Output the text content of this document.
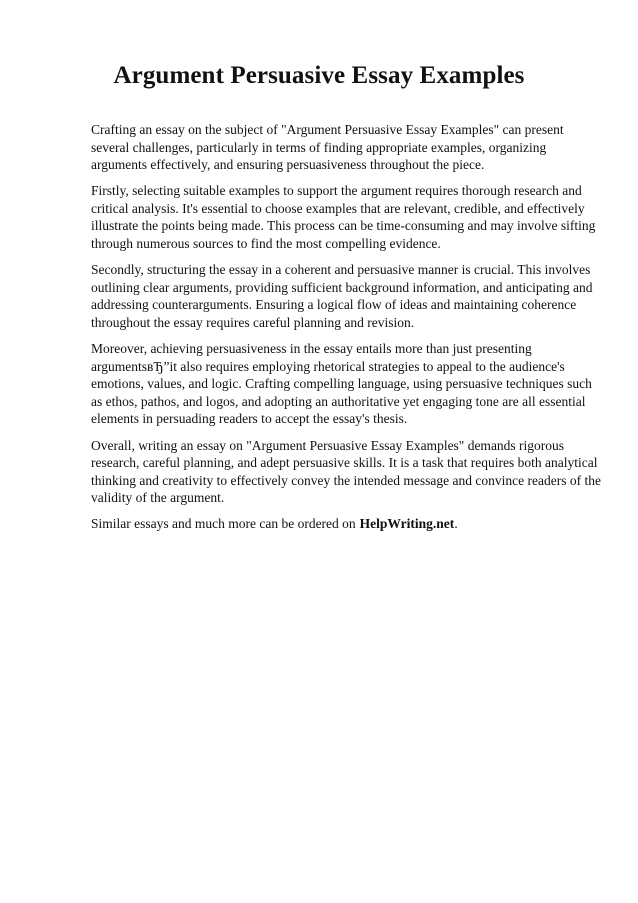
Argument Persuasive Essay Examples

Crafting an essay on the subject of "Argument Persuasive Essay Examples" can present several challenges, particularly in terms of finding appropriate examples, organizing arguments effectively, and ensuring persuasiveness throughout the piece.

Firstly, selecting suitable examples to support the argument requires thorough research and critical analysis. It's essential to choose examples that are relevant, credible, and effectively illustrate the points being made. This process can be time-consuming and may involve sifting through numerous sources to find the most compelling evidence.

Secondly, structuring the essay in a coherent and persuasive manner is crucial. This involves outlining clear arguments, providing sufficient background information, and anticipating and addressing counterarguments. Ensuring a logical flow of ideas and maintaining coherence throughout the essay requires careful planning and revision.

Moreover, achieving persuasiveness in the essay entails more than just presenting argumentsвЂ”it also requires employing rhetorical strategies to appeal to the audience's emotions, values, and logic. Crafting compelling language, using persuasive techniques such as ethos, pathos, and logos, and adopting an authoritative yet engaging tone are all essential elements in persuading readers to accept the essay's thesis.

Overall, writing an essay on "Argument Persuasive Essay Examples" demands rigorous research, careful planning, and adept persuasive skills. It is a task that requires both analytical thinking and creativity to effectively convey the intended message and convince readers of the validity of the argument.

Similar essays and much more can be ordered on HelpWriting.net.
